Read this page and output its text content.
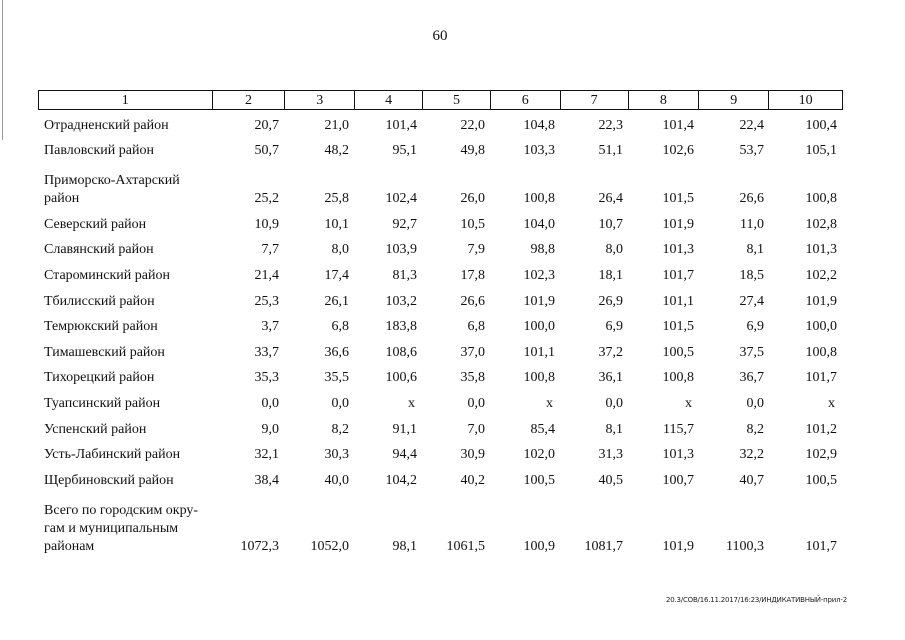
60
1	2	3	4	5	6	7	8	9	10
Отрадненский район	20,7	21,0	101,4	22,0	104,8	22,3	101,4	22,4	100,4
Павловский район	50,7	48,2	95,1	49,8	103,3	51,1	102,6	53,7	105,1
Приморско-Ахтарский
район	25,2	25,8	102,4	26,0	100,8	26,4	101,5	26,6	100,8
Северский район	10,9	10,1	92,7	10,5	104,0	10,7	101,9	11,0	102,8
Славянский район	7,7	8,0	103,9	7,9	98,8	8,0	101,3	8,1	101,3
Староминский район	21,4	17,4	81,3	17,8	102,3	18,1	101,7	18,5	102,2
Тбилисский район	25,3	26,1	103,2	26,6	101,9	26,9	101,1	27,4	101,9
Темрюкский район	3,7	6,8	183,8	6,8	100,0	6,9	101,5	6,9	100,0
Тимашевский район	33,7	36,6	108,6	37,0	101,1	37,2	100,5	37,5	100,8
Тихорецкий район	35,3	35,5	100,6	35,8	100,8	36,1	100,8	36,7	101,7
Туапсинский район	0,0	0,0	x	0,0	x	0,0	x	0,0	x
Успенский район	9,0	8,2	91,1	7,0	85,4	8,1	115,7	8,2	101,2
Усть-Лабинский район	32,1	30,3	94,4	30,9	102,0	31,3	101,3	32,2	102,9
Щербиновский район	38,4	40,0	104,2	40,2	100,5	40,5	100,7	40,7	100,5
Всего по городским окру-
гам и муниципальным
районам	1072,3	1052,0	98,1	1061,5	100,9	1081,7	101,9	1100,3	101,7
20.3/СОВ/16.11.2017/16:23/ИНДИКАТИВНЫЙ-прил-2
